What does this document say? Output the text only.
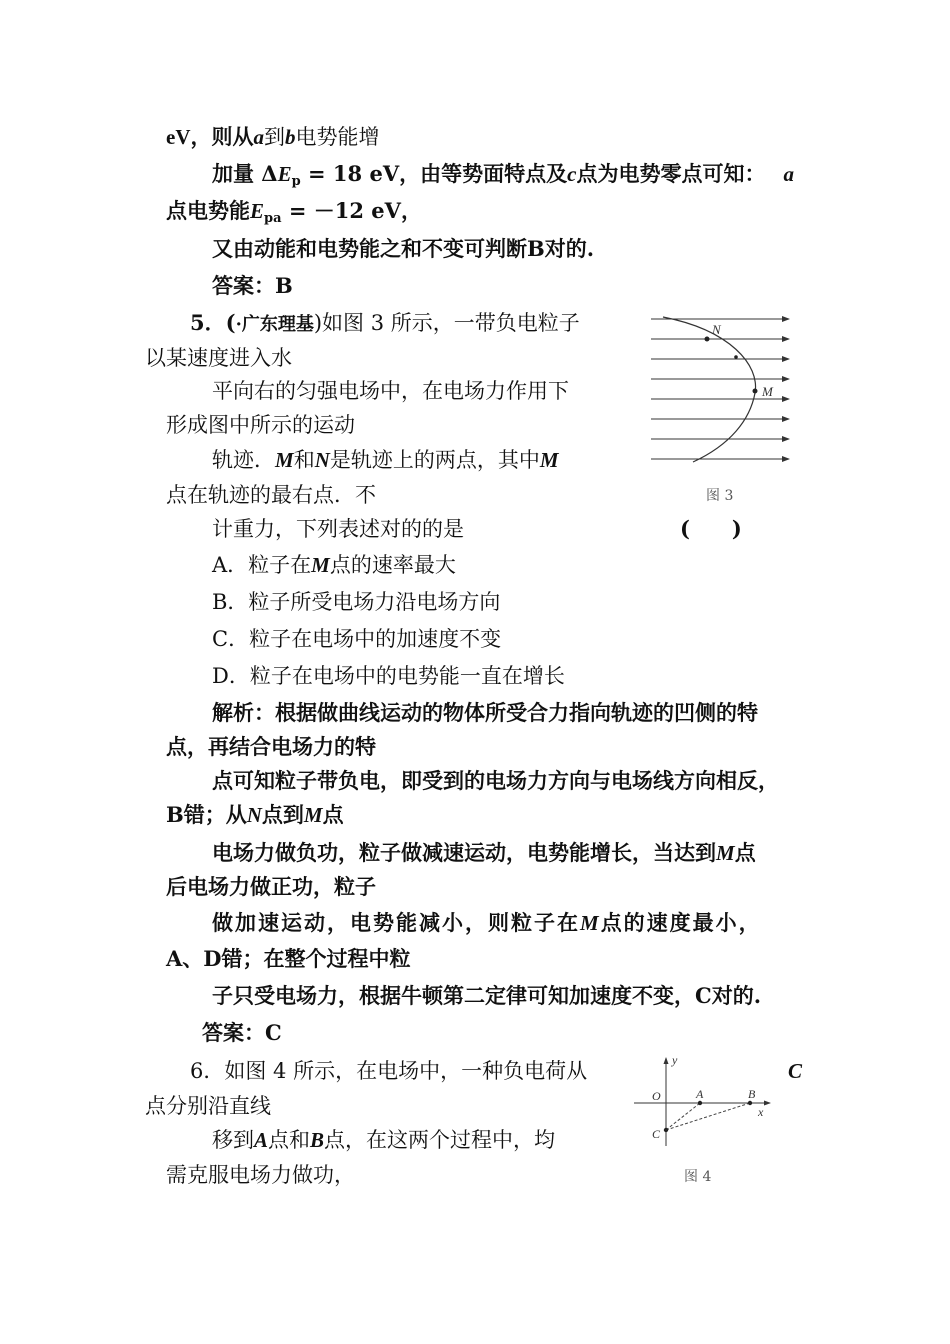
eV，则从a到b电势能增
加量 $\Delta E_p = 18$ eV，由等势面特点及c点为电势零点可知： a
点电势能$E_{pa} = -12$ eV，
又由动能和电势能之和不变可判断B对的.
答案：B
5．(·广东理基)如图 3 所示，一带负电粒子
以某速度进入水
平向右的匀强电场中，在电场力作用下
形成图中所示的运动
轨迹．M和N是轨迹上的两点，其中M
点在轨迹的最右点．不
计重力，下列表述对的的是	(　　)
N
M
图 3
A．粒子在M点的速率最大
B．粒子所受电场力沿电场方向
C．粒子在电场中的加速度不变
D．粒子在电场中的电势能一直在增长
解析：根据做曲线运动的物体所受合力指向轨迹的凹侧的特
点，再结合电场力的特
点可知粒子带负电，即受到的电场力方向与电场线方向相反，
B错；从N点到M点
电场力做负功，粒子做减速运动，电势能增长，当达到M点
后电场力做正功，粒子
做加速运动，电势能减小，则粒子在M点的速度最小，
A、D错；在整个过程中粒
子只受电场力，根据牛顿第二定律可知加速度不变，C对的.
答案：C
6．如图 4 所示，在电场中，一种负电荷从	C
点分别沿直线
移到A点和B点，在这两个过程中，均
需克服电场力做功，
y
O	A	B
x
C
图 4
